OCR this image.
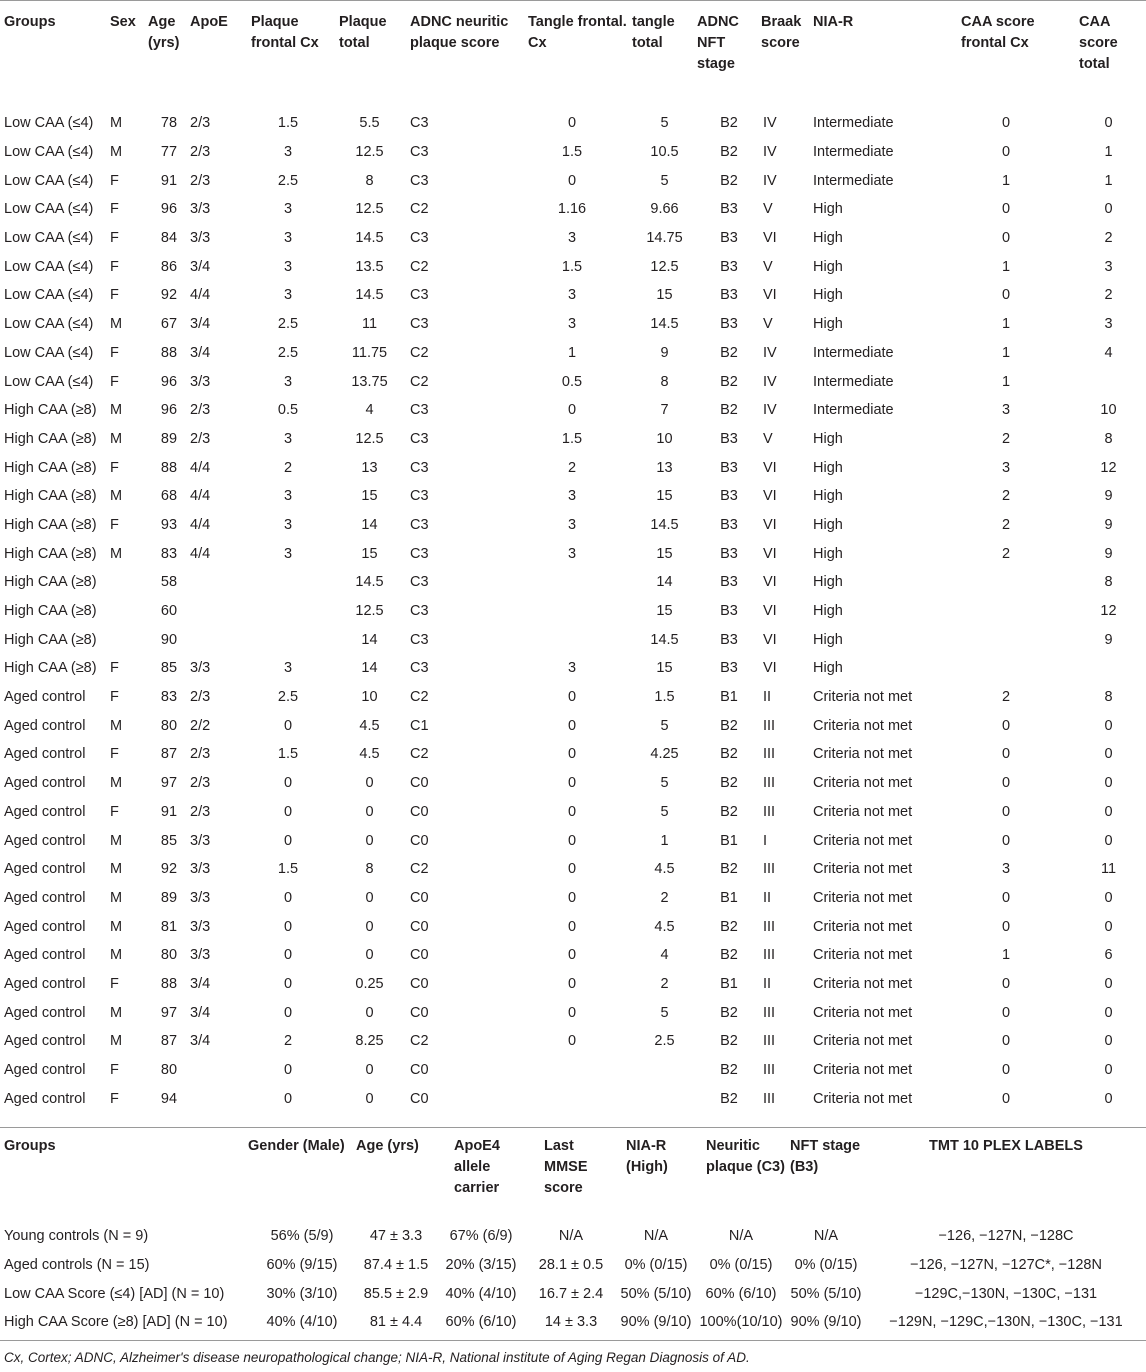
Groups	Sex	Age (yrs)	ApoE	Plaque frontal Cx	Plaque total	ADNC neuritic plaque score	Tangle frontal. Cx	tangle total	ADNC NFT stage	Braak score	NIA-R	CAA score frontal Cx	CAA score total
Low CAA (≤4)	M	78	2/3	1.5	5.5	C3	0	5	B2	IV	Intermediate	0	0
Low CAA (≤4)	M	77	2/3	3	12.5	C3	1.5	10.5	B2	IV	Intermediate	0	1
Low CAA (≤4)	F	91	2/3	2.5	8	C3	0	5	B2	IV	Intermediate	1	1
Low CAA (≤4)	F	96	3/3	3	12.5	C2	1.16	9.66	B3	V	High	0	0
Low CAA (≤4)	F	84	3/3	3	14.5	C3	3	14.75	B3	VI	High	0	2
Low CAA (≤4)	F	86	3/4	3	13.5	C2	1.5	12.5	B3	V	High	1	3
Low CAA (≤4)	F	92	4/4	3	14.5	C3	3	15	B3	VI	High	0	2
Low CAA (≤4)	M	67	3/4	2.5	11	C3	3	14.5	B3	V	High	1	3
Low CAA (≤4)	F	88	3/4	2.5	11.75	C2	1	9	B2	IV	Intermediate	1	4
Low CAA (≤4)	F	96	3/3	3	13.75	C2	0.5	8	B2	IV	Intermediate	1	
High CAA (≥8)	M	96	2/3	0.5	4	C3	0	7	B2	IV	Intermediate	3	10
High CAA (≥8)	M	89	2/3	3	12.5	C3	1.5	10	B3	V	High	2	8
High CAA (≥8)	F	88	4/4	2	13	C3	2	13	B3	VI	High	3	12
High CAA (≥8)	M	68	4/4	3	15	C3	3	15	B3	VI	High	2	9
High CAA (≥8)	F	93	4/4	3	14	C3	3	14.5	B3	VI	High	2	9
High CAA (≥8)	M	83	4/4	3	15	C3	3	15	B3	VI	High	2	9
High CAA (≥8)		58			14.5	C3		14	B3	VI	High		8
High CAA (≥8)		60			12.5	C3		15	B3	VI	High		12
High CAA (≥8)		90			14	C3		14.5	B3	VI	High		9
High CAA (≥8)	F	85	3/3	3	14	C3	3	15	B3	VI	High		
Aged control	F	83	2/3	2.5	10	C2	0	1.5	B1	II	Criteria not met	2	8
Aged control	M	80	2/2	0	4.5	C1	0	5	B2	III	Criteria not met	0	0
Aged control	F	87	2/3	1.5	4.5	C2	0	4.25	B2	III	Criteria not met	0	0
Aged control	M	97	2/3	0	0	C0	0	5	B2	III	Criteria not met	0	0
Aged control	F	91	2/3	0	0	C0	0	5	B2	III	Criteria not met	0	0
Aged control	M	85	3/3	0	0	C0	0	1	B1	I	Criteria not met	0	0
Aged control	M	92	3/3	1.5	8	C2	0	4.5	B2	III	Criteria not met	3	11
Aged control	M	89	3/3	0	0	C0	0	2	B1	II	Criteria not met	0	0
Aged control	M	81	3/3	0	0	C0	0	4.5	B2	III	Criteria not met	0	0
Aged control	M	80	3/3	0	0	C0	0	4	B2	III	Criteria not met	1	6
Aged control	F	88	3/4	0	0.25	C0	0	2	B1	II	Criteria not met	0	0
Aged control	M	97	3/4	0	0	C0	0	5	B2	III	Criteria not met	0	0
Aged control	M	87	3/4	2	8.25	C2	0	2.5	B2	III	Criteria not met	0	0
Aged control	F	80		0	0	C0			B2	III	Criteria not met	0	0
Aged control	F	94		0	0	C0			B2	III	Criteria not met	0	0
Groups	Gender (Male)	Age (yrs)	ApoE4 allele carrier	Last MMSE score	NIA-R (High)	Neuritic plaque (C3)	NFT stage (B3)	TMT 10 PLEX LABELS
Young controls (N = 9)	56% (5/9)	47 ± 3.3	67% (6/9)	N/A	N/A	N/A	N/A	−126, −127N, −128C
Aged controls (N = 15)	60% (9/15)	87.4 ± 1.5	20% (3/15)	28.1 ± 0.5	0% (0/15)	0% (0/15)	0% (0/15)	−126, −127N, −127C*, −128N
Low CAA Score (≤4) [AD] (N = 10)	30% (3/10)	85.5 ± 2.9	40% (4/10)	16.7 ± 2.4	50% (5/10)	60% (6/10)	50% (5/10)	−129C,−130N, −130C, −131
High CAA Score (≥8) [AD] (N = 10)	40% (4/10)	81 ± 4.4	60% (6/10)	14 ± 3.3	90% (9/10)	100%(10/10)	90% (9/10)	−129N, −129C,−130N, −130C, −131
Cx, Cortex; ADNC, Alzheimer's disease neuropathological change; NIA-R, National institute of Aging Regan Diagnosis of AD.
